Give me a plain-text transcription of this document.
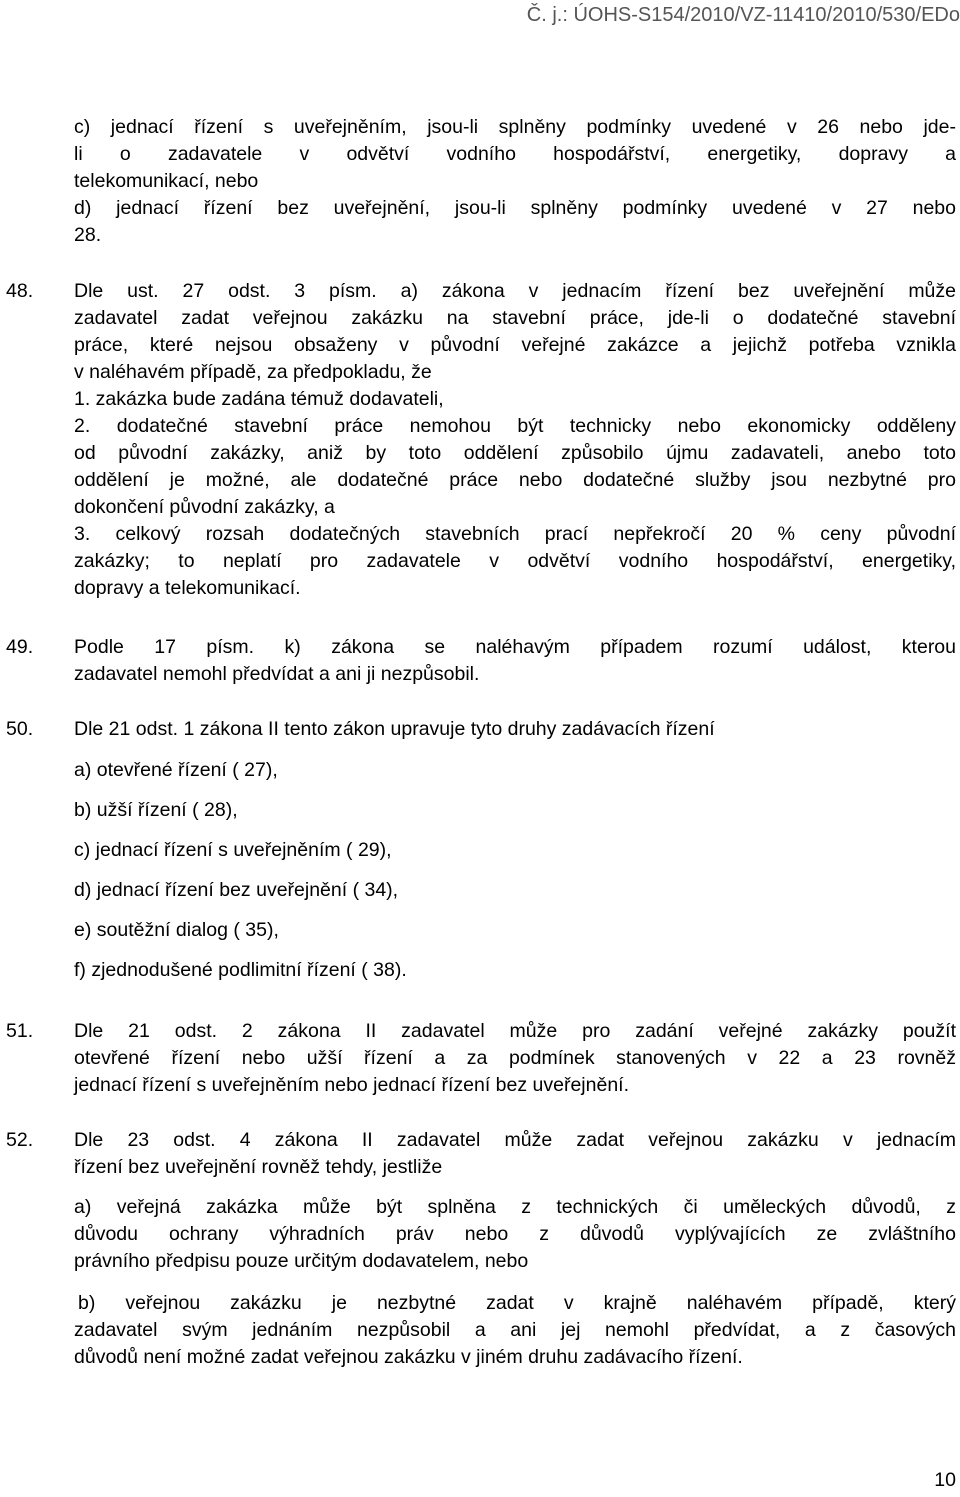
Č. j.: ÚOHS-S154/2010/VZ-11410/2010/530/EDo
c) jednací řízení s uveřejněním, jsou-li splněny podmínky uvedené v 26 nebo jde-
li o zadavatele v odvětví vodního hospodářství, energetiky, dopravy a
telekomunikací, nebo
d) jednací řízení bez uveřejnění, jsou-li splněny podmínky uvedené v 27 nebo
28.
48. Dle ust. 27 odst. 3 písm. a) zákona v jednacím řízení bez uveřejnění může
zadavatel zadat veřejnou zakázku na stavební práce, jde-li o dodatečné stavební
práce, které nejsou obsaženy v původní veřejné zakázce a jejichž potřeba vznikla
v naléhavém případě, za předpokladu, že
1. zakázka bude zadána témuž dodavateli,
2. dodatečné stavební práce nemohou být technicky nebo ekonomicky odděleny
od původní zakázky, aniž by toto oddělení způsobilo újmu zadavateli, anebo toto
oddělení je možné, ale dodatečné práce nebo dodatečné služby jsou nezbytné pro
dokončení původní zakázky, a
3. celkový rozsah dodatečných stavebních prací nepřekročí 20 % ceny původní
zakázky; to neplatí pro zadavatele v odvětví vodního hospodářství, energetiky,
dopravy a telekomunikací.
49. Podle 17 písm. k) zákona se naléhavým případem rozumí událost, kterou
zadavatel nemohl předvídat a ani ji nezpůsobil.
50. Dle 21 odst. 1 zákona II tento zákon upravuje tyto druhy zadávacích řízení
a) otevřené řízení ( 27),
b) užší řízení ( 28),
c) jednací řízení s uveřejněním ( 29),
d) jednací řízení bez uveřejnění ( 34),
e) soutěžní dialog ( 35),
f) zjednodušené podlimitní řízení ( 38).
51. Dle 21 odst. 2 zákona II zadavatel může pro zadání veřejné zakázky použít
otevřené řízení nebo užší řízení a za podmínek stanovených v 22 a 23 rovněž
jednací řízení s uveřejněním nebo jednací řízení bez uveřejnění.
52. Dle 23 odst. 4 zákona II zadavatel může zadat veřejnou zakázku v jednacím
řízení bez uveřejnění rovněž tehdy, jestliže
a) veřejná zakázka může být splněna z technických či uměleckých důvodů, z
důvodu ochrany výhradních práv nebo z důvodů vyplývajících ze zvláštního
právního předpisu pouze určitým dodavatelem, nebo
b) veřejnou zakázku je nezbytné zadat v krajně naléhavém případě, který
zadavatel svým jednáním nezpůsobil a ani jej nemohl předvídat, a z časových
důvodů není možné zadat veřejnou zakázku v jiném druhu zadávacího řízení.
10
